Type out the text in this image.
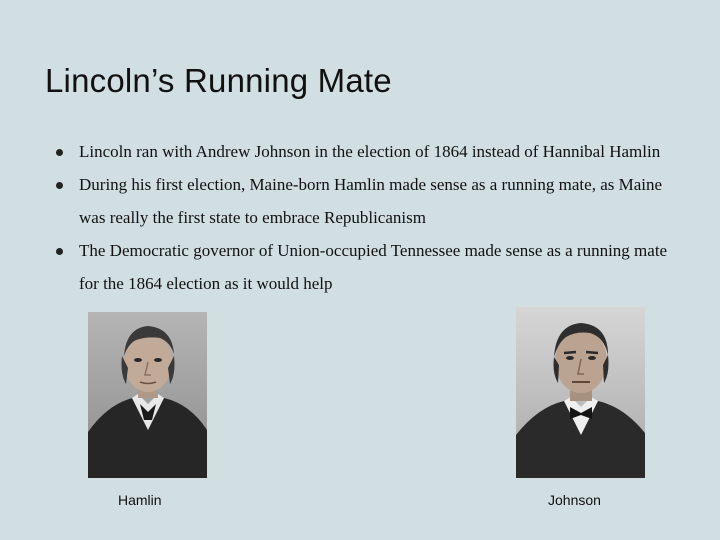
Lincoln’s Running Mate
Lincoln ran with Andrew Johnson in the election of 1864 instead of Hannibal Hamlin
During his first election, Maine-born Hamlin made sense as a running mate, as Maine was really the first state to embrace Republicanism
The Democratic governor of Union-occupied Tennessee made sense as a running mate for the 1864 election as it would help
Hamlin	Johnson
